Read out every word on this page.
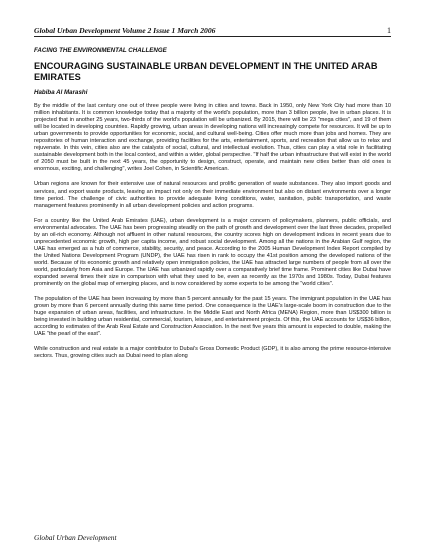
Global Urban Development Volume 2 Issue 1 March 2006	1
FACING THE ENVIRONMENTAL CHALLENGE
ENCOURAGING SUSTAINABLE URBAN DEVELOPMENT IN THE UNITED ARAB EMIRATES
Habiba Al Marashi

By the middle of the last century one out of three people were living in cities and towns. Back in 1950, only New York City had more than 10 million inhabitants. It is common knowledge today that a majority of the world's population, more than 3 billion people, live in urban places. It is projected that in another 25 years, two-thirds of the world's population will be urbanized. By 2015, there will be 23 "mega cities", and 19 of them will be located in developing countries. Rapidly growing, urban areas in developing nations will increasingly compete for resources. It will be up to urban governments to provide opportunities for economic, social, and cultural well-being. Cities offer much more than jobs and homes. They are repositories of human interaction and exchange, providing facilities for the arts, entertainment, sports, and recreation that allow us to relax and rejuvenate. In this vein, cities also are the catalysts of social, cultural, and intellectual evolution. Thus, cities can play a vital role in facilitating sustainable development both in the local context, and within a wider, global perspective. "If half the urban infrastructure that will exist in the world of 2050 must be built in the next 45 years, the opportunity to design, construct, operate, and maintain new cities better than old ones is enormous, exciting, and challenging", writes Joel Cohen, in Scientific American.

Urban regions are known for their extensive use of natural resources and prolific generation of waste substances. They also import goods and services, and export waste products, leaving an impact not only on their immediate environment but also on distant environments over a longer time period. The challenge of civic authorities to provide adequate living conditions, water, sanitation, public transportation, and waste management features prominently in all urban development policies and action programs.

For a country like the United Arab Emirates (UAE), urban development is a major concern of policymakers, planners, public officials, and environmental advocates. The UAE has been progressing steadily on the path of growth and development over the last three decades, propelled by an oil-rich economy. Although not affluent in other natural resources, the country scores high on development indices in recent years due to unprecedented economic growth, high per capita income, and robust social development. Among all the nations in the Arabian Gulf region, the UAE has emerged as a hub of commerce, stability, security, and peace. According to the 2005 Human Development Index Report compiled by the United Nations Development Program (UNDP), the UAE has risen in rank to occupy the 41st position among the developed nations of the world. Because of its economic growth and relatively open immigration policies, the UAE has attracted large numbers of people from all over the world, particularly from Asia and Europe. The UAE has urbanized rapidly over a comparatively brief time frame. Prominent cities like Dubai have expanded several times their size in comparison with what they used to be, even as recently as the 1970s and 1980s. Today, Dubai features prominently on the global map of emerging places, and is now considered by some experts to be among the "world cities".

The population of the UAE has been increasing by more than 5 percent annually for the past 15 years. The immigrant population in the UAE has grown by more than 6 percent annually during this same time period. One consequence is the UAE's large-scale boom in construction due to the huge expansion of urban areas, facilities, and infrastructure. In the Middle East and North Africa (MENA) Region, more than US$300 billion is being invested in building urban residential, commercial, tourism, leisure, and entertainment projects. Of this, the UAE accounts for US$36 billion, according to estimates of the Arab Real Estate and Construction Association. In the next five years this amount is expected to double, making the UAE "the pearl of the east".

While construction and real estate is a major contributor to Dubai's Gross Domestic Product (GDP), it is also among the prime resource-intensive sectors. Thus, growing cities such as Dubai need to plan along

Global Urban Development
